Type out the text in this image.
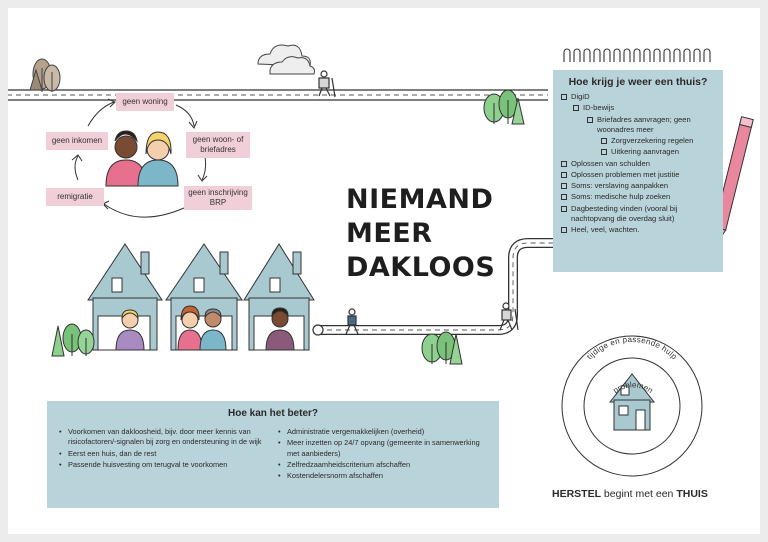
tijdige en passende hulp
problemen
NIEMAND
MEER
DAKLOOS
geen woning
geen woon- of briefadres
geen inschrijving BRP
remigratie
geen inkomen
Hoe krijg je weer een thuis?
DigiD
ID-bewijs
Briefadres aanvragen; geen woonadres meer
Zorgverzekering regelen
Uitkering aanvragen
Oplossen van schulden
Oplossen problemen met justitie
Soms: verslaving aanpakken
Soms: medische hulp zoeken
Dagbesteding vinden (vooral bij nachtopvang die overdag sluit)
Heel, veel, wachten.
Hoe kan het beter?
• Voorkomen van dakloosheid, bijv. door meer kennis van risicofactoren/-signalen bij zorg en ondersteuning in de wijk
• Eerst een huis, dan de rest
• Passende huisvesting om terugval te voorkomen
• Administratie vergemakkelijken (overheid)
• Meer inzetten op 24/7 opvang (gemeente in samenwerking met aanbieders)
• Zelfredzaamheidscriterium afschaffen
• Kostendelersnorm afschaffen
HERSTEL begint met een THUIS
